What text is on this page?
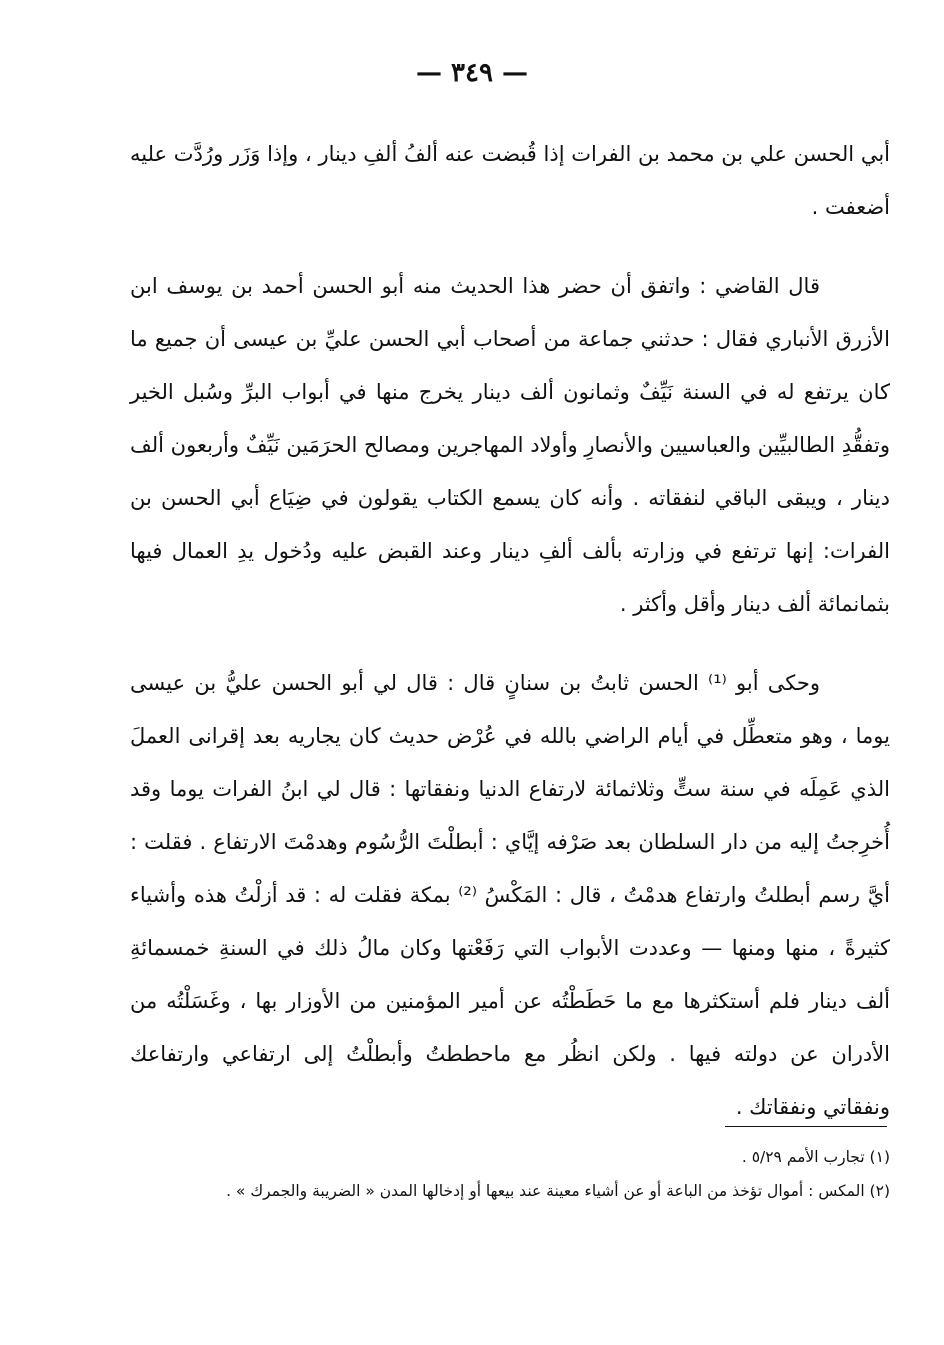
— ٣٤٩ —

أبي الحسن علي بن محمد بن الفرات إذا قُبضت عنه ألفُ ألفِ دينار ، وإذا وَزَر ورُدَّت عليه أضعفت .

قال القاضي : واتفق أن حضر هذا الحديث منه أبو الحسن أحمد بن يوسف ابن الأزرق الأنباري فقال : حدثني جماعة من أصحاب أبي الحسن عليِّ بن عيسى أن جميع ما كان يرتفع له في السنة نَيِّفٌ وثمانون ألف دينار يخرج منها في أبواب البرِّ وسُبل الخير وتفقُّدِ الطالبيِّين والعباسيين والأنصارِ وأولاد المهاجرين ومصالح الحرَمَين نَيِّفٌ وأربعون ألف دينار ، ويبقى الباقي لنفقاته . وأنه كان يسمع الكتاب يقولون في ضِيَاع أبي الحسن بن الفرات: إنها ترتفع في وزارته بألف ألفِ دينار وعند القبض عليه ودُخول يدِ العمال فيها بثمانمائة ألف دينار وأقل وأكثر .

وحكى أبو ⁽¹⁾ الحسن ثابتُ بن سنانٍ قال : قال لي أبو الحسن عليُّ بن عيسى يوما ، وهو متعطِّل في أيام الراضي بالله في عُرْض حديث كان يجاريه بعد إقرانى العملَ الذي عَمِلَه في سنة ستٍّ وثلاثمائة لارتفاع الدنيا ونفقاتها : قال لي ابنُ الفرات يوما وقد أُخرِجتُ إليه من دار السلطان بعد صَرْفه إيَّاي : أبطلْتَ الرُّسُوم وهدمْتَ الارتفاع . فقلت : أيَّ رسم أبطلتُ وارتفاع هدمْتُ ، قال : المَكْسُ ⁽²⁾ بمكة فقلت له : قد أزلْتُ هذه وأشياء كثيرةً ، منها ومنها — وعددت الأبواب التي رَفَعْتها وكان مالُ ذلك في السنةِ خمسمائةِ ألف دينار فلم أستكثرها مع ما حَطَطْتُه عن أمير المؤمنين من الأوزار بها ، وغَسَلْتُه من الأدران عن دولته فيها . ولكن انظُر مع ماحططتُ وأبطلْتُ إلى ارتفاعي وارتفاعك ونفقاتي ونفقاتك .

(١) تجارب الأمم ٥/٢٩ .

(٢) المكس : أموال تؤخذ من الباعة أو عن أشياء معينة عند بيعها أو إدخالها المدن « الضريبة والجمرك » .
